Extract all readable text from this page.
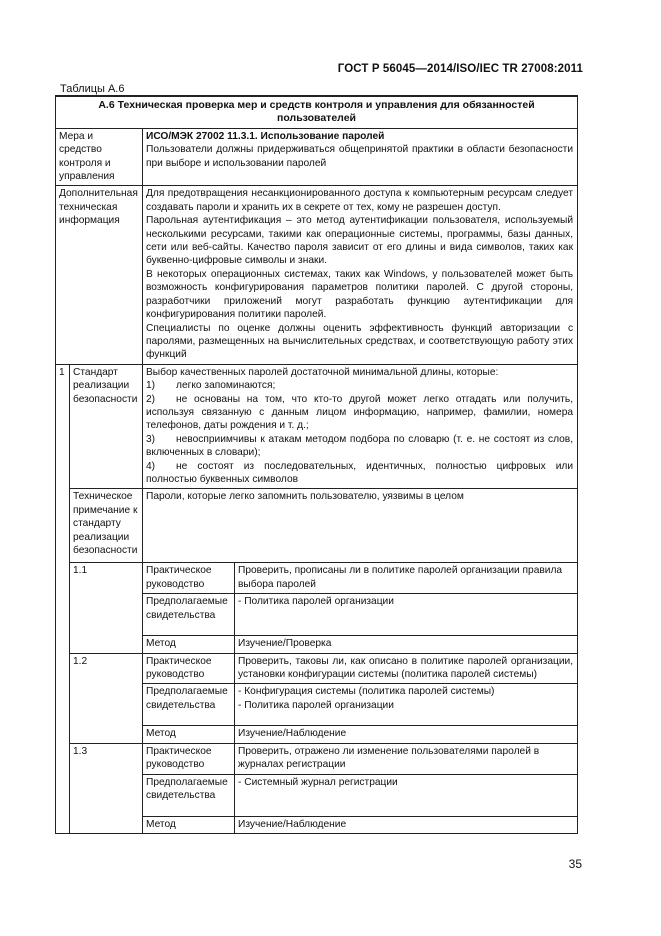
ГОСТ Р 56045—2014/ISO/IEC TR 27008:2011
Таблицы А.6
А.6 Техническая проверка мер и средств контроля и управления для обязанностей пользователей			
Мера и средство контроля и управления		ИСО/МЭК 27002 11.3.1. Использование паролей
Пользователи должны придерживаться общепринятой практики в области безопасности при выборе и использовании паролей	

Дополнительная техническая информация		Для предотвращения несанкционированного доступа к компьютерным ресурсам следует создавать пароли и хранить их в секрете от тех, кому не разрешен доступ.
Парольная аутентификация – это метод аутентификации пользователя, используемый несколькими ресурсами, такими как операционные системы, программы, базы данных, сети или веб-сайты. Качество пароля зависит от его длины и вида символов, таких как буквенно-цифровые символы и знаки.
В некоторых операционных системах, таких как Windows, у пользователей может быть возможность конфигурирования параметров политики паролей. С другой стороны, разработчики приложений могут разработать функцию аутентификации для конфигурирования политики паролей.
Специалисты по оценке должны оценить эффективность функций авторизации с паролями, размещенных на вычислительных средствах, и соответствующую работу этих функций	

1	Стандарт реализации безопасности	Выбор качественных паролей достаточной минимальной длины, которые:
1) легко запоминаются;
2) не основаны на том, что кто-то другой может легко отгадать или получить, используя связанную с данным лицом информацию, например, фамилии, номера телефонов, даты рождения и т. д.;
3) невосприимчивы к атакам методом подбора по словарю (т. е. не состоят из слов, включенных в словари);
4) не состоят из последовательных, идентичных, полностью цифровых или полностью буквенных символов	

	Техническое примечание к стандарту реализации безопасности	Пароли, которые легко запомнить пользователю, уязвимы в целом	
	1.1	Практическое руководство	Проверить, прописаны ли в политике паролей организации правила выбора паролей
		Предполагаемые свидетельства	- Политика паролей организации

		Метод	Изучение/Проверка
	1.2	Практическое руководство	Проверить, таковы ли, как описано в политике паролей организации, установки конфигурации системы (политика паролей системы)
		Предполагаемые свидетельства	- Конфигурация системы (политика паролей системы)
- Политика паролей организации

		Метод	Изучение/Наблюдение
	1.3	Практическое руководство	Проверить, отражено ли изменение пользователями паролей в журналах регистрации
		Предполагаемые свидетельства	- Системный журнал регистрации

		Метод	Изучение/Наблюдение
35
